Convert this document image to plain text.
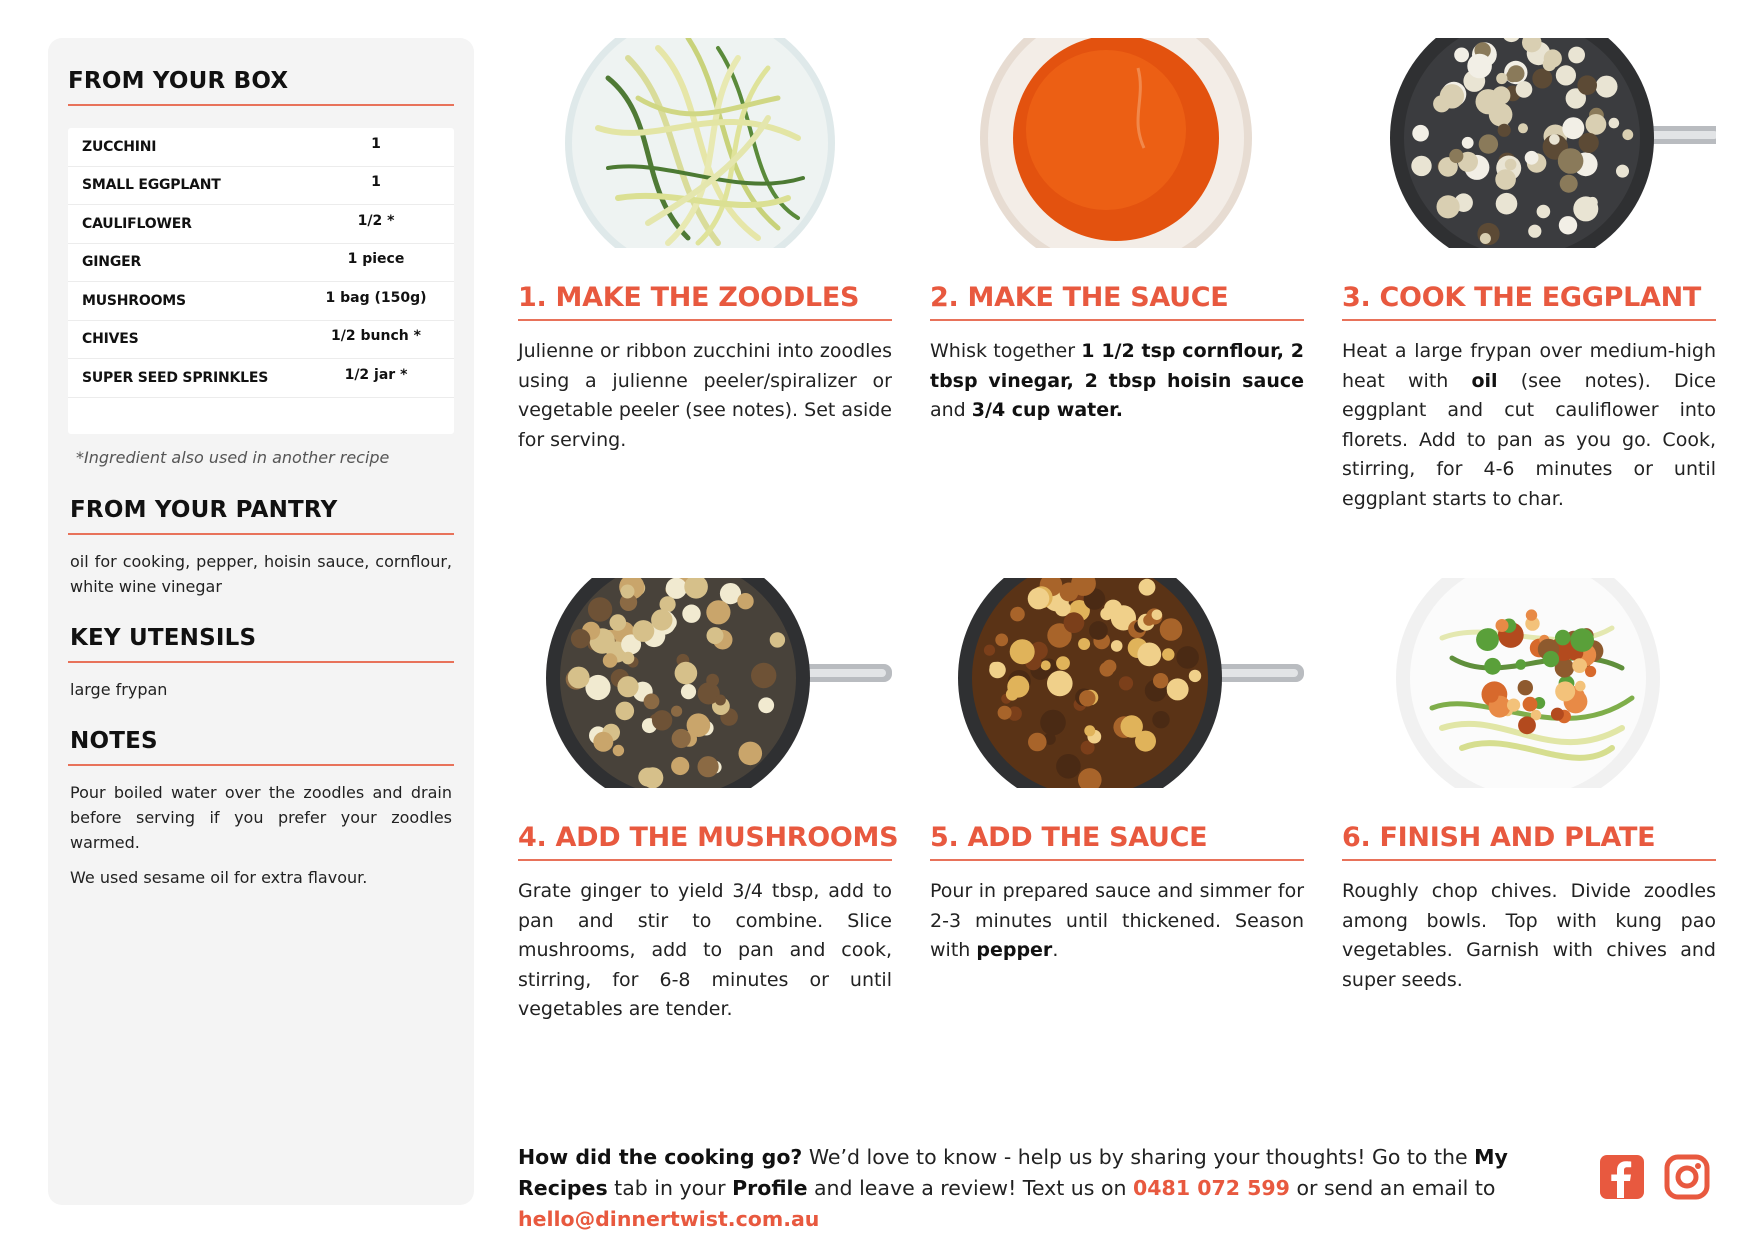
FROM YOUR BOX
ZUCCHINI	1
SMALL EGGPLANT	1
CAULIFLOWER	1/2 *
GINGER	1 piece
MUSHROOMS	1 bag (150g)
CHIVES	1/2 bunch *
SUPER SEED SPRINKLES	1/2 jar *
*Ingredient also used in another recipe
FROM YOUR PANTRY
oil for cooking, pepper, hoisin sauce, cornflour, white wine vinegar
KEY UTENSILS
large frypan
NOTES
Pour boiled water over the zoodles and drain before serving if you prefer your zoodles warmed.
We used sesame oil for extra flavour.
1. MAKE THE ZOODLES
Julienne or ribbon zucchini into zoodles using a julienne peeler/spiralizer or vegetable peeler (see notes). Set aside for serving.
2. MAKE THE SAUCE
Whisk together 1 1/2 tsp cornflour, 2 tbsp vinegar, 2 tbsp hoisin sauce and 3/4 cup water.
3. COOK THE EGGPLANT
Heat a large frypan over medium-high heat with oil (see notes). Dice eggplant and cut cauliflower into florets. Add to pan as you go. Cook, stirring, for 4-6 minutes or until eggplant starts to char.
4. ADD THE MUSHROOMS
Grate ginger to yield 3/4 tbsp, add to pan and stir to combine. Slice mushrooms, add to pan and cook, stirring, for 6-8 minutes or until vegetables are tender.
5. ADD THE SAUCE
Pour in prepared sauce and simmer for 2-3 minutes until thickened. Season with pepper.
6. FINISH AND PLATE
Roughly chop chives. Divide zoodles among bowls. Top with kung pao vegetables. Garnish with chives and super seeds.
How did the cooking go? We’d love to know - help us by sharing your thoughts! Go to the My Recipes tab in your Profile and leave a review! Text us on 0481 072 599 or send an email to hello@dinnertwist.com.au
